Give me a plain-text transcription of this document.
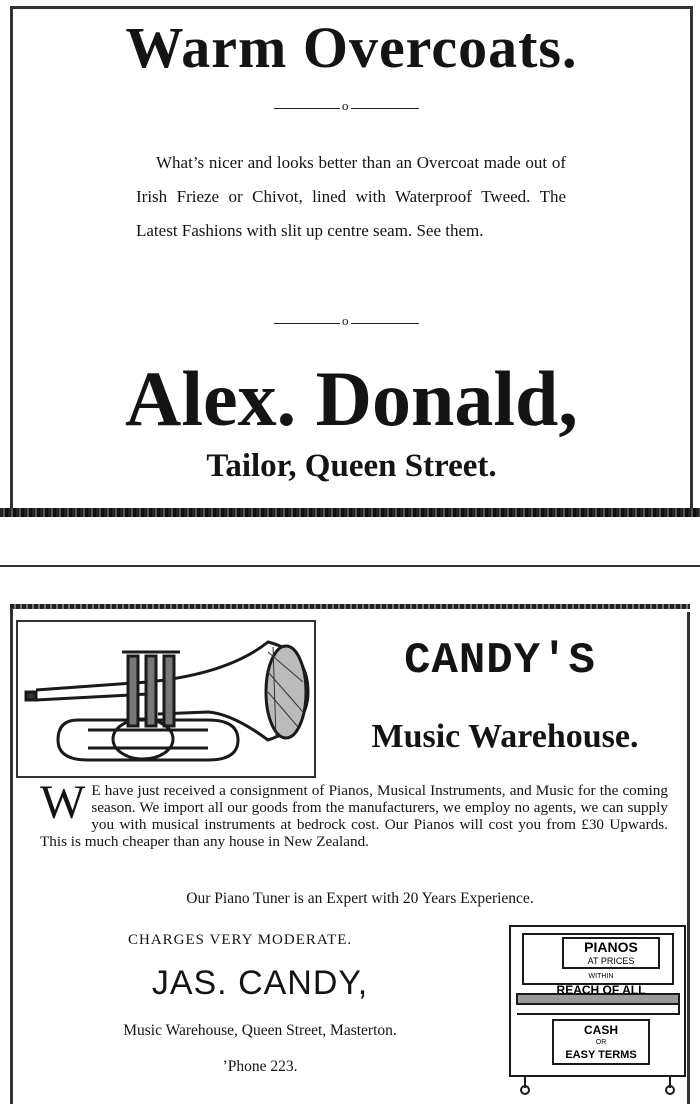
Warm Overcoats.
o
What’s nicer and looks better than an Overcoat made out of Irish Frieze or Chivot, lined with Waterproof Tweed. The Latest Fashions with slit up centre seam. See them.
o
Alex. Donald,
Tailor, Queen Street.
CANDY'S
Music Warehouse.
W E have just received a consignment of Pianos, Musical Instruments, and Music for the coming season. We import all our goods from the manufacturers, we employ no agents, we can supply you with musical instruments at bedrock cost. Our Pianos will cost you from £30 Upwards. This is much cheaper than any house in New Zealand.
Our Piano Tuner is an Expert with 20 Years Experience.
CHARGES VERY MODERATE.
JAS. CANDY,
Music Warehouse, Queen Street, Masterton.
’Phone 223.
PIANOS
AT PRICES
WITHIN
REACH OF ALL
CASH
OR
EASY TERMS
